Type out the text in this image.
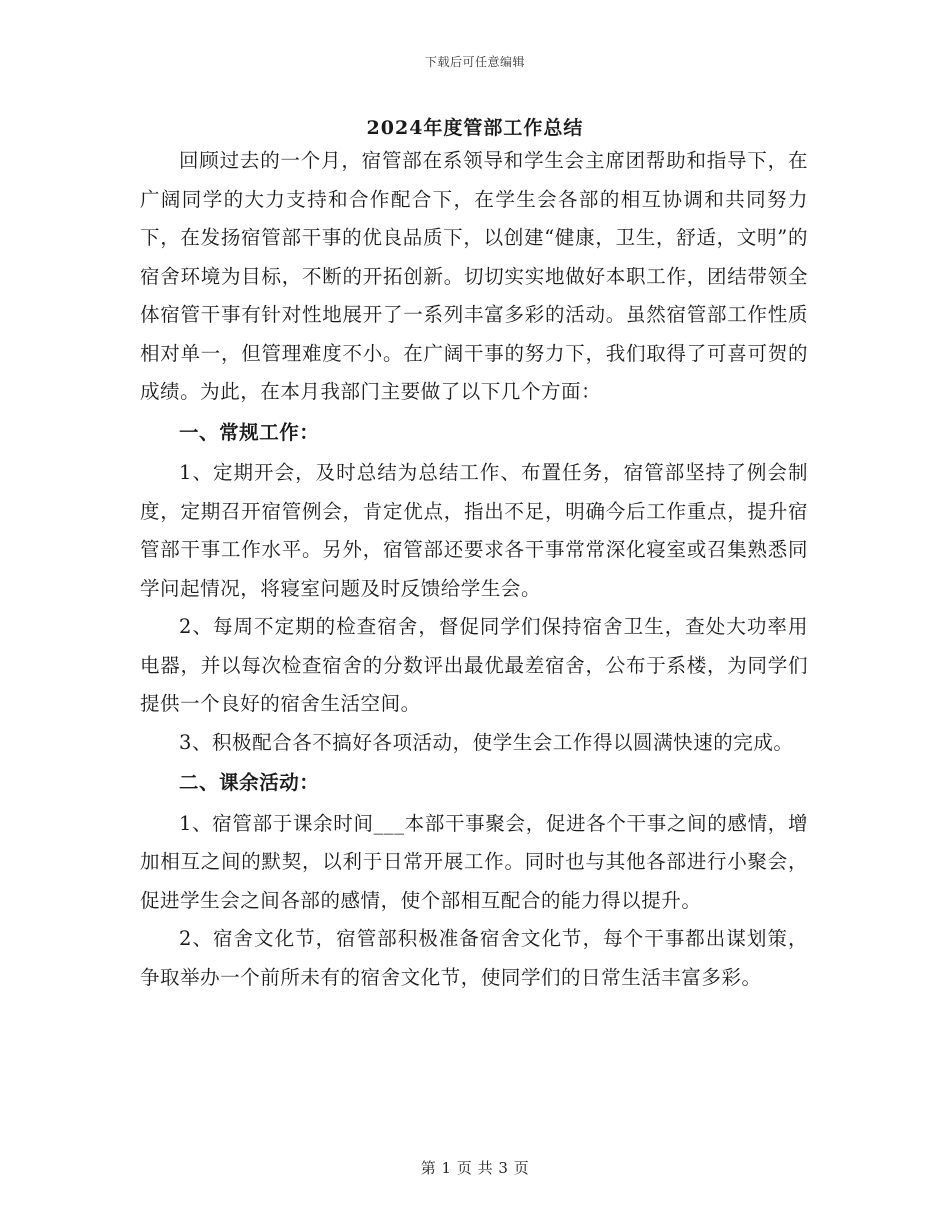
下载后可任意编辑
2024年度管部工作总结

回顾过去的一个月，宿管部在系领导和学生会主席团帮助和指导下，在广阔同学的大力支持和合作配合下，在学生会各部的相互协调和共同努力下，在发扬宿管部干事的优良品质下，以创建“健康，卫生，舒适，文明”的宿舍环境为目标，不断的开拓创新。切切实实地做好本职工作，团结带领全体宿管干事有针对性地展开了一系列丰富多彩的活动。虽然宿管部工作性质相对单一，但管理难度不小。在广阔干事的努力下，我们取得了可喜可贺的成绩。为此，在本月我部门主要做了以下几个方面：

一、常规工作：

1、定期开会，及时总结为总结工作、布置任务，宿管部坚持了例会制度，定期召开宿管例会，肯定优点，指出不足，明确今后工作重点，提升宿管部干事工作水平。另外，宿管部还要求各干事常常深化寝室或召集熟悉同学问起情况，将寝室问题及时反馈给学生会。

2、每周不定期的检查宿舍，督促同学们保持宿舍卫生，查处大功率用电器，并以每次检查宿舍的分数评出最优最差宿舍，公布于系楼，为同学们提供一个良好的宿舍生活空间。

3、积极配合各不搞好各项活动，使学生会工作得以圆满快速的完成。

二、课余活动：

1、宿管部于课余时间___本部干事聚会，促进各个干事之间的感情，增加相互之间的默契，以利于日常开展工作。同时也与其他各部进行小聚会，促进学生会之间各部的感情，使个部相互配合的能力得以提升。

2、宿舍文化节，宿管部积极准备宿舍文化节，每个干事都出谋划策，争取举办一个前所未有的宿舍文化节，使同学们的日常生活丰富多彩。

第 1 页 共 3 页
